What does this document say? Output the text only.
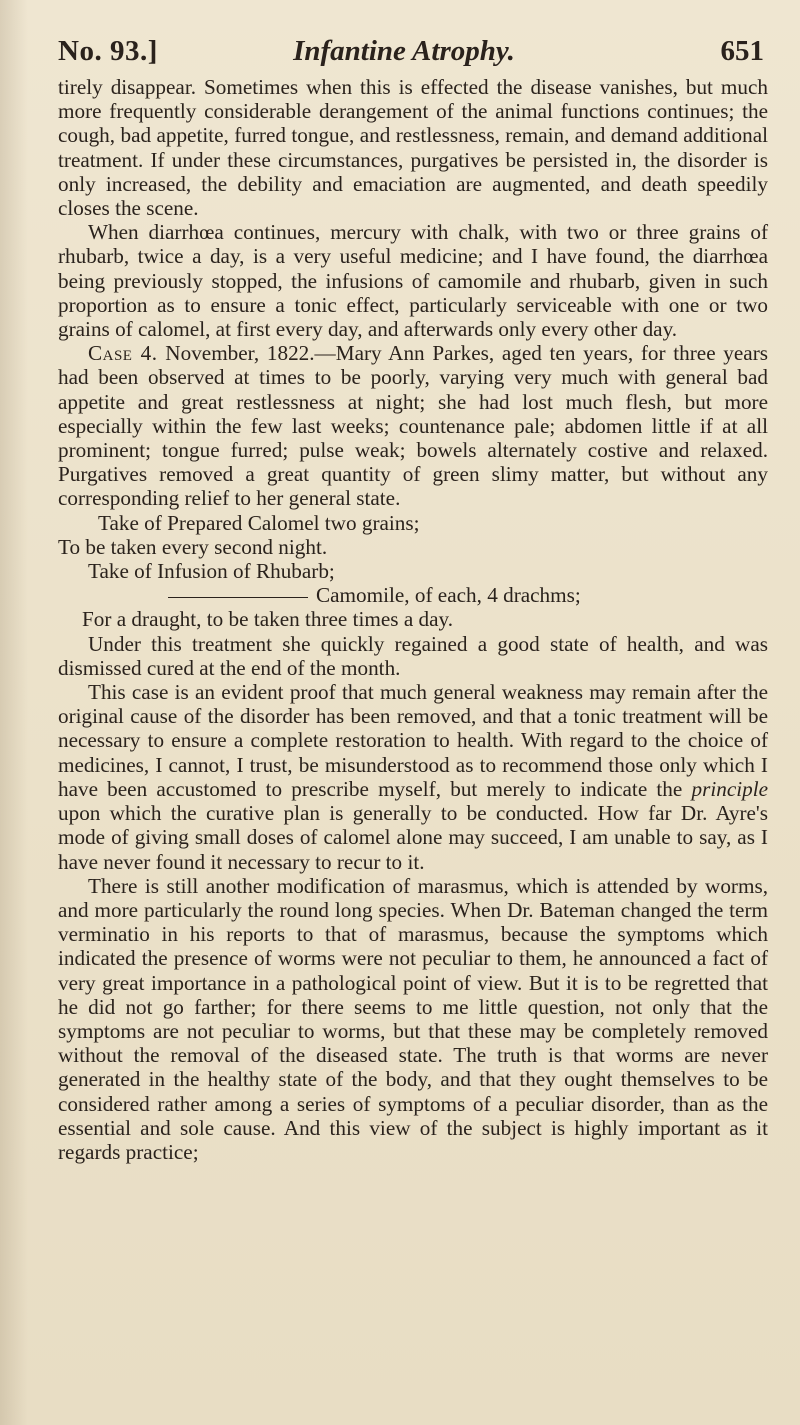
No. 93.]	Infantine Atrophy.	651

tirely disappear. Sometimes when this is effected the disease vanishes, but much more frequently considerable derangement of the animal functions continues; the cough, bad appetite, furred tongue, and restlessness, remain, and demand additional treatment. If under these circumstances, purgatives be persisted in, the disorder is only increased, the debility and emaciation are augmented, and death speedily closes the scene.

When diarrhœa continues, mercury with chalk, with two or three grains of rhubarb, twice a day, is a very useful medicine; and I have found, the diarrhœa being previously stopped, the infusions of camomile and rhubarb, given in such proportion as to ensure a tonic effect, particularly serviceable with one or two grains of calomel, at first every day, and afterwards only every other day.

Case 4. November, 1822.—Mary Ann Parkes, aged ten years, for three years had been observed at times to be poorly, varying very much with general bad appetite and great restlessness at night; she had lost much flesh, but more especially within the few last weeks; countenance pale; abdomen little if at all prominent; tongue furred; pulse weak; bowels alternately costive and relaxed. Purgatives removed a great quantity of green slimy matter, but without any corresponding relief to her general state.

Take of Prepared Calomel two grains;
To be taken every second night.
Take of Infusion of Rhubarb;
Camomile, of each, 4 drachms;
For a draught, to be taken three times a day.

Under this treatment she quickly regained a good state of health, and was dismissed cured at the end of the month.

This case is an evident proof that much general weakness may remain after the original cause of the disorder has been removed, and that a tonic treatment will be necessary to ensure a complete restoration to health. With regard to the choice of medicines, I cannot, I trust, be misunderstood as to recommend those only which I have been accustomed to prescribe myself, but merely to indicate the principle upon which the curative plan is generally to be conducted. How far Dr. Ayre's mode of giving small doses of calomel alone may succeed, I am unable to say, as I have never found it necessary to recur to it.

There is still another modification of marasmus, which is attended by worms, and more particularly the round long species. When Dr. Bateman changed the term verminatio in his reports to that of marasmus, because the symptoms which indicated the presence of worms were not peculiar to them, he announced a fact of very great importance in a pathological point of view. But it is to be regretted that he did not go farther; for there seems to me little question, not only that the symptoms are not peculiar to worms, but that these may be completely removed without the removal of the diseased state. The truth is that worms are never generated in the healthy state of the body, and that they ought themselves to be considered rather among a series of symptoms of a peculiar disorder, than as the essential and sole cause. And this view of the subject is highly important as it regards practice;
